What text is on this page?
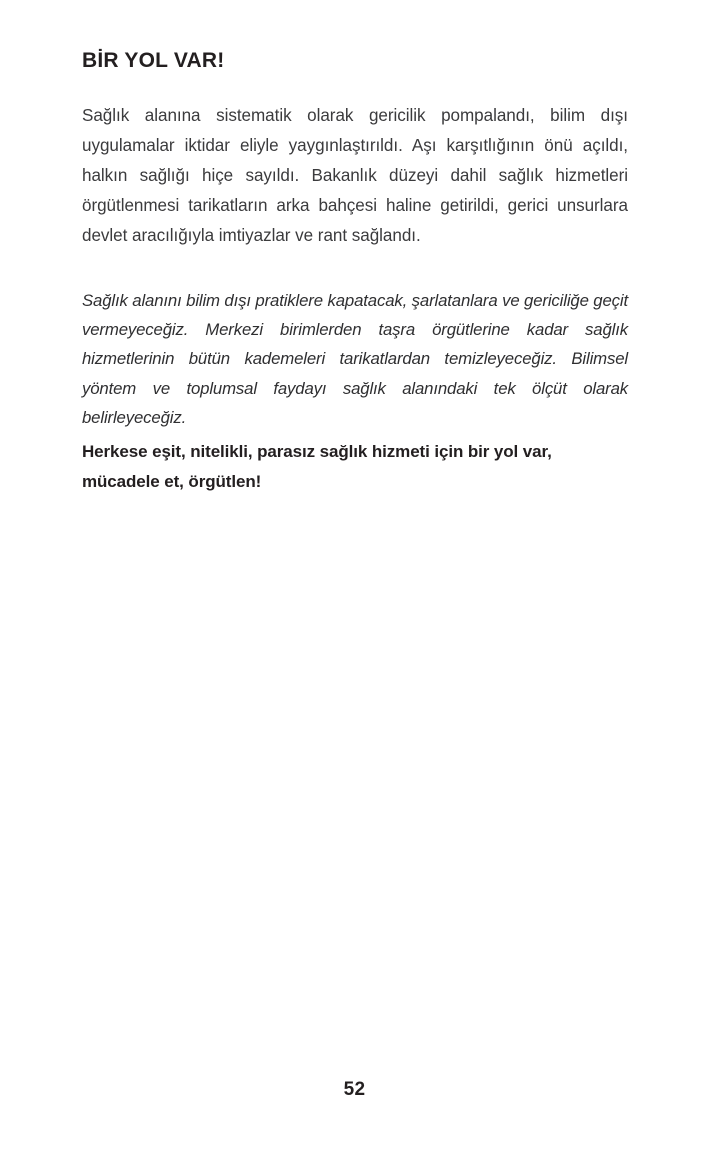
BİR YOL VAR!

Sağlık alanına sistematik olarak gericilik pompalandı, bilim dışı uygulamalar iktidar eliyle yaygınlaştırıldı. Aşı karşıtlığının önü açıldı, halkın sağlığı hiçe sayıldı. Bakanlık düzeyi dahil sağlık hizmetleri örgütlenmesi tarikatların arka bahçesi haline getirildi, gerici unsurlara devlet aracılığıyla imtiyazlar ve rant sağlandı.

Sağlık alanını bilim dışı pratiklere kapatacak, şarlatanlara ve gericiliğe geçit vermeyeceğiz. Merkezi birimlerden taşra örgütlerine kadar sağlık hizmetlerinin bütün kademeleri tarikatlardan temizleyeceğiz. Bilimsel yöntem ve toplumsal faydayı sağlık alanındaki tek ölçüt olarak belirleyeceğiz.

Herkese eşit, nitelikli, parasız sağlık hizmeti için bir yol var, mücadele et, örgütlen!

52
